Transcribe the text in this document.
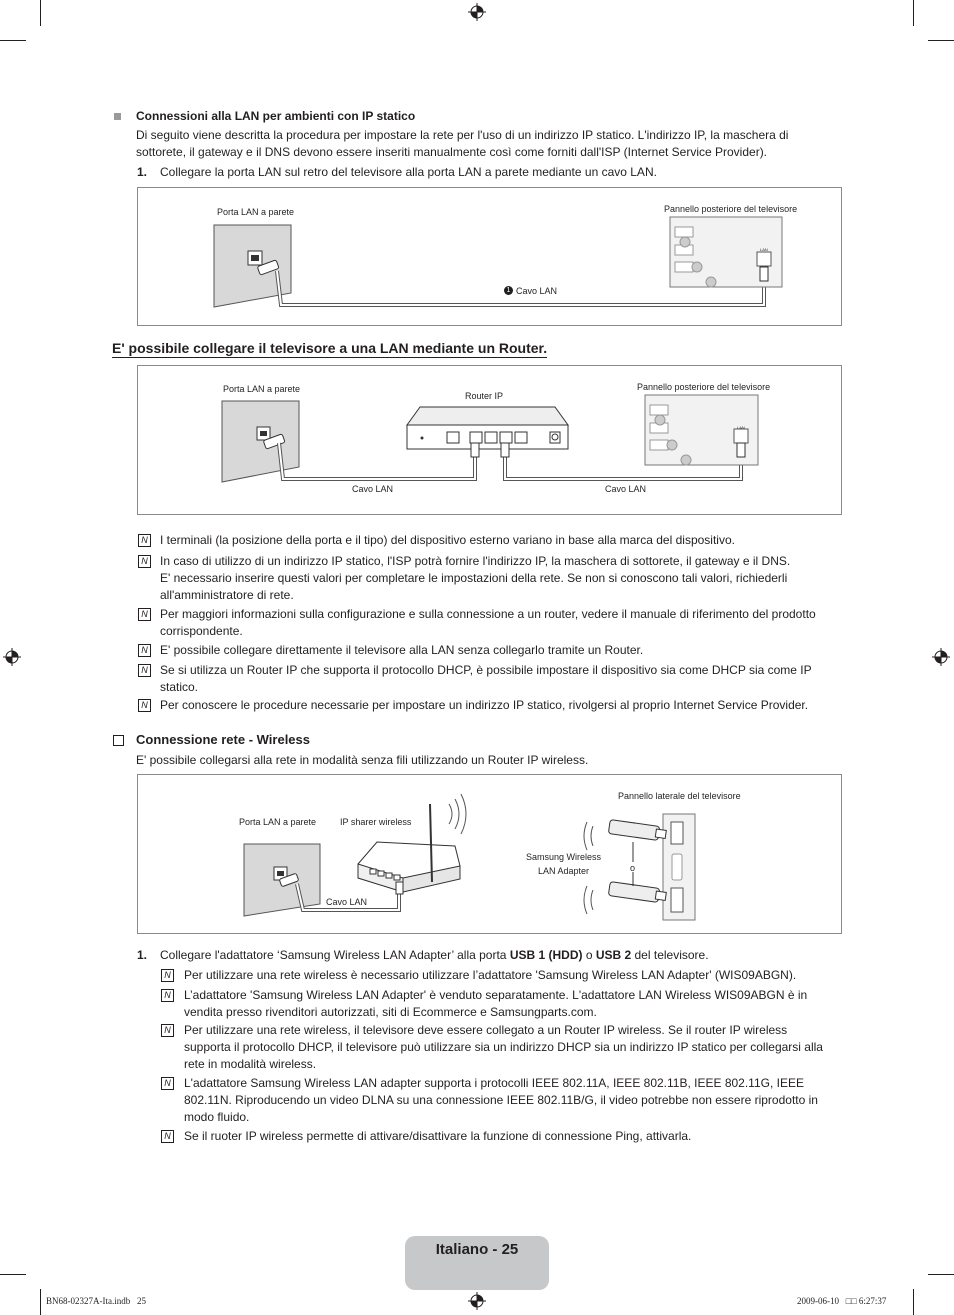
Connessioni alla LAN per ambienti con IP statico
Di seguito viene descritta la procedura per impostare la rete per l'uso di un indirizzo IP statico. L'indirizzo IP, la maschera di
sottorete, il gateway e il DNS devono essere inseriti manualmente così come forniti dall'ISP (Internet Service Provider).
1. Collegare la porta LAN sul retro del televisore alla porta LAN a parete mediante un cavo LAN.
Porta LAN a parete	Pannello posteriore del televisore
LAN
1 Cavo LAN
E' possibile collegare il televisore a una LAN mediante un Router.
Porta LAN a parete
Router IP
Pannello posteriore del televisore
LAN
Cavo LAN	Cavo LAN
N I terminali (la posizione della porta e il tipo) del dispositivo esterno variano in base alla marca del dispositivo.
N In caso di utilizzo di un indirizzo IP statico, l'ISP potrà fornire l'indirizzo IP, la maschera di sottorete, il gateway e il DNS.
E' necessario inserire questi valori per completare le impostazioni della rete. Se non si conoscono tali valori, richiederli
all'amministratore di rete.
N Per maggiori informazioni sulla configurazione e sulla connessione a un router, vedere il manuale di riferimento del prodotto
corrispondente.
N E' possibile collegare direttamente il televisore alla LAN senza collegarlo tramite un Router.
N Se si utilizza un Router IP che supporta il protocollo DHCP, è possibile impostare il dispositivo sia come DHCP sia come IP
statico.
N Per conoscere le procedure necessarie per impostare un indirizzo IP statico, rivolgersi al proprio Internet Service Provider.
Connessione rete - Wireless
E' possibile collegarsi alla rete in modalità senza fili utilizzando un Router IP wireless.
Porta LAN a parete	IP sharer wireless
Cavo LAN
Pannello laterale del televisore
Samsung Wireless
LAN Adapter	o
1. Collegare l'adattatore ‘Samsung Wireless LAN Adapter’ alla porta USB 1 (HDD) o USB 2 del televisore.
N Per utilizzare una rete wireless è necessario utilizzare l’adattatore 'Samsung Wireless LAN Adapter' (WIS09ABGN).
N L’adattatore 'Samsung Wireless LAN Adapter' è venduto separatamente. L'adattatore LAN Wireless WIS09ABGN è in
vendita presso rivenditori autorizzati, siti di Ecommerce e Samsungparts.com.
N Per utilizzare una rete wireless, il televisore deve essere collegato a un Router IP wireless. Se il router IP wireless
supporta il protocollo DHCP, il televisore può utilizzare sia un indirizzo DHCP sia un indirizzo IP statico per collegarsi alla
rete in modalità wireless.
N L'adattatore Samsung Wireless LAN adapter supporta i protocolli IEEE 802.11A, IEEE 802.11B, IEEE 802.11G, IEEE
802.11N. Riproducendo un video DLNA su una connessione IEEE 802.11B/G, il video potrebbe non essere riprodotto in
modo fluido.
N Se il ruoter IP wireless permette di attivare/disattivare la funzione di connessione Ping, attivarla.
Italiano - 25
BN68-02327A-Ita.indb   25	2009-06-10   □□ 6:27:37
